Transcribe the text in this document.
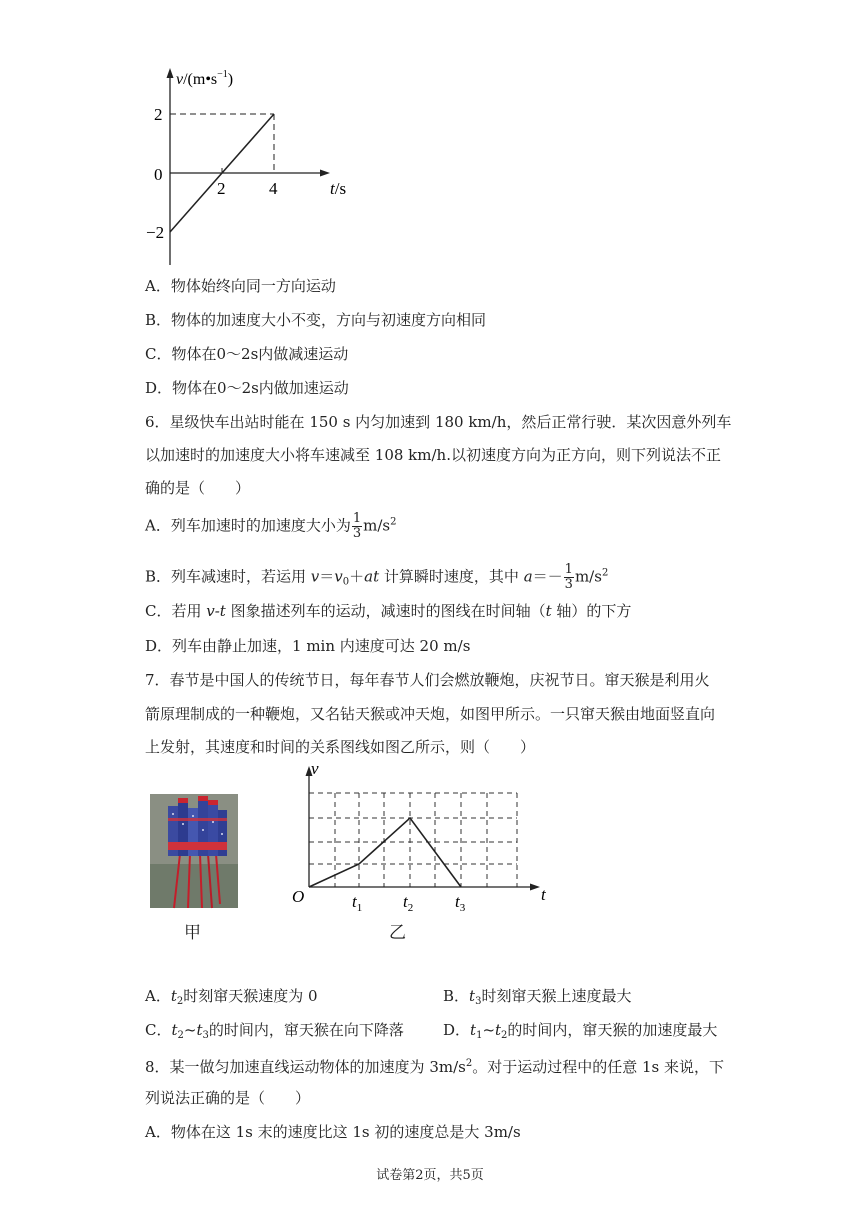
$v/(m•s^{-1})$
2
0
−2
2	4	t/s
A．物体始终向同一方向运动
B．物体的加速度大小不变，方向与初速度方向相同
C．物体在0～2s内做减速运动
D．物体在0～2s内做加速运动
6．星级快车出站时能在 150 s 内匀加速到 180 km/h，然后正常行驶．某次因意外列车
以加速时的加速度大小将车速减至 108 km/h.以初速度方向为正方向，则下列说法不正
确的是（　　）
A．列车加速时的加速度大小为 $\frac{1}{3} m/s^2$
B．列车减速时，若运用 $v=v_0+at$ 计算瞬时速度，其中 $a=- \frac{1}{3} m/s^2$
C．若用 v-t 图象描述列车的运动，减速时的图线在时间轴（t 轴）的下方
D．列车由静止加速，1 min 内速度可达 20 m/s
7．春节是中国人的传统节日，每年春节人们会燃放鞭炮，庆祝节日。窜天猴是利用火
箭原理制成的一种鞭炮，又名钻天猴或冲天炮，如图甲所示。一只窜天猴由地面竖直向
上发射，其速度和时间的关系图线如图乙所示，则（　　）
甲
v
t
O	$t_1$ $t_2$ $t_3$
乙
A．$t_2$时刻窜天猴速度为 0	B．$t_3$时刻窜天猴上速度最大
C．$t_2\sim t_3$的时间内，窜天猴在向下降落	D．$t_1\sim t_2$的时间内，窜天猴的加速度最大
8．某一做匀加速直线运动物体的加速度为 $3m/s^2$。对于运动过程中的任意 1s 来说，下
列说法正确的是（　　）
A．物体在这 1s 末的速度比这 1s 初的速度总是大 3m/s
试卷第2页，共5页
